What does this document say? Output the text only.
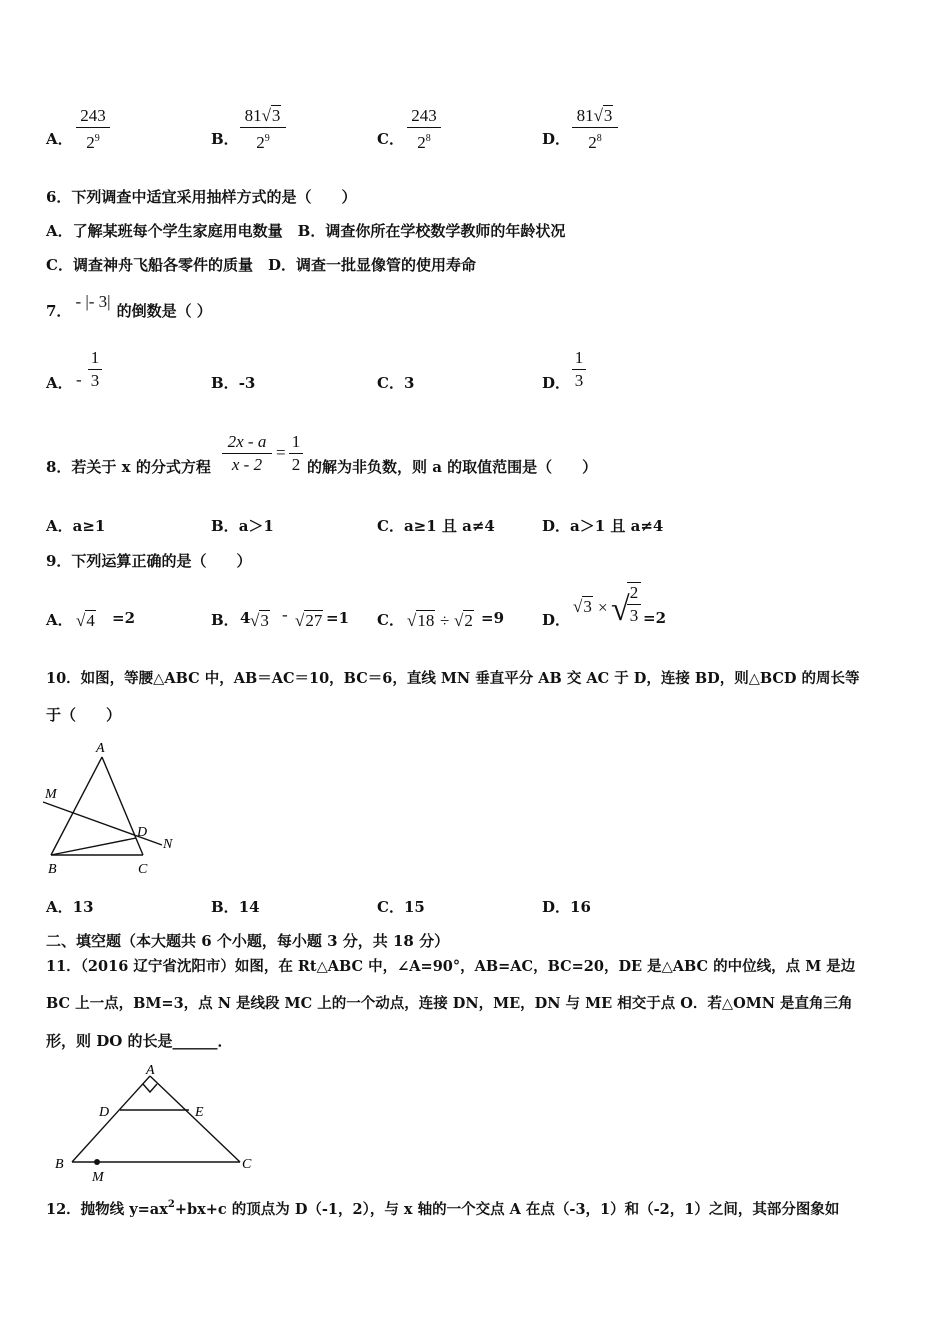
A．
243
$2^9$	B．
81√3
$2^9$	C．
243
$2^8$	D．
81√3
$2^8$
6．下列调查中适宜采用抽样方式的是（　　）
A．了解某班每个学生家庭用电数量　B．调查你所在学校数学教师的年龄状况
C．调查神舟飞船各零件的质量　D．调查一批显像管的使用寿命
7． - |- 3| 的倒数是（ ）
A． -
1
3	B．-3	C．3	D．
1
3
8．若关于 x 的分式方程
2x - a
x - 2
=
1
2 的解为非负数，则 a 的取值范围是（　　）
A．a≥1	B．a＞1	C．a≥1 且 a≠4	D．a＞1 且 a≠4
9．下列运算正确的是（　　）
A． √4 =2	B． 4 √3 - √27 =1 C． √18 ÷ √2 =9	D．
√3 × √ 2
3 =2
10．如图，等腰△ABC 中，AB＝AC＝10，BC＝6，直线 MN 垂直平分 AB 交 AC 于 D，连接 BD，则△BCD 的周长等
于（　　）
A
M
D
N
B	C
A．13	B．14	C．15	D．16
二、填空题（本大题共 6 个小题，每小题 3 分，共 18 分）
11．（2016 辽宁省沈阳市）如图，在 Rt△ABC 中，∠A=90°，AB=AC，BC=20，DE 是△ABC 的中位线，点 M 是边
BC 上一点，BM=3，点 N 是线段 MC 上的一个动点，连接 DN，ME，DN 与 ME 相交于点 O．若△OMN 是直角三角
形，则 DO 的长是______．
A
D	E
B	C
M
12．抛物线 $y=ax^2+bx+c$ 的顶点为 D（-1，2），与 x 轴的一个交点 A 在点（-3，1）和（-2，1）之间，其部分图象如
